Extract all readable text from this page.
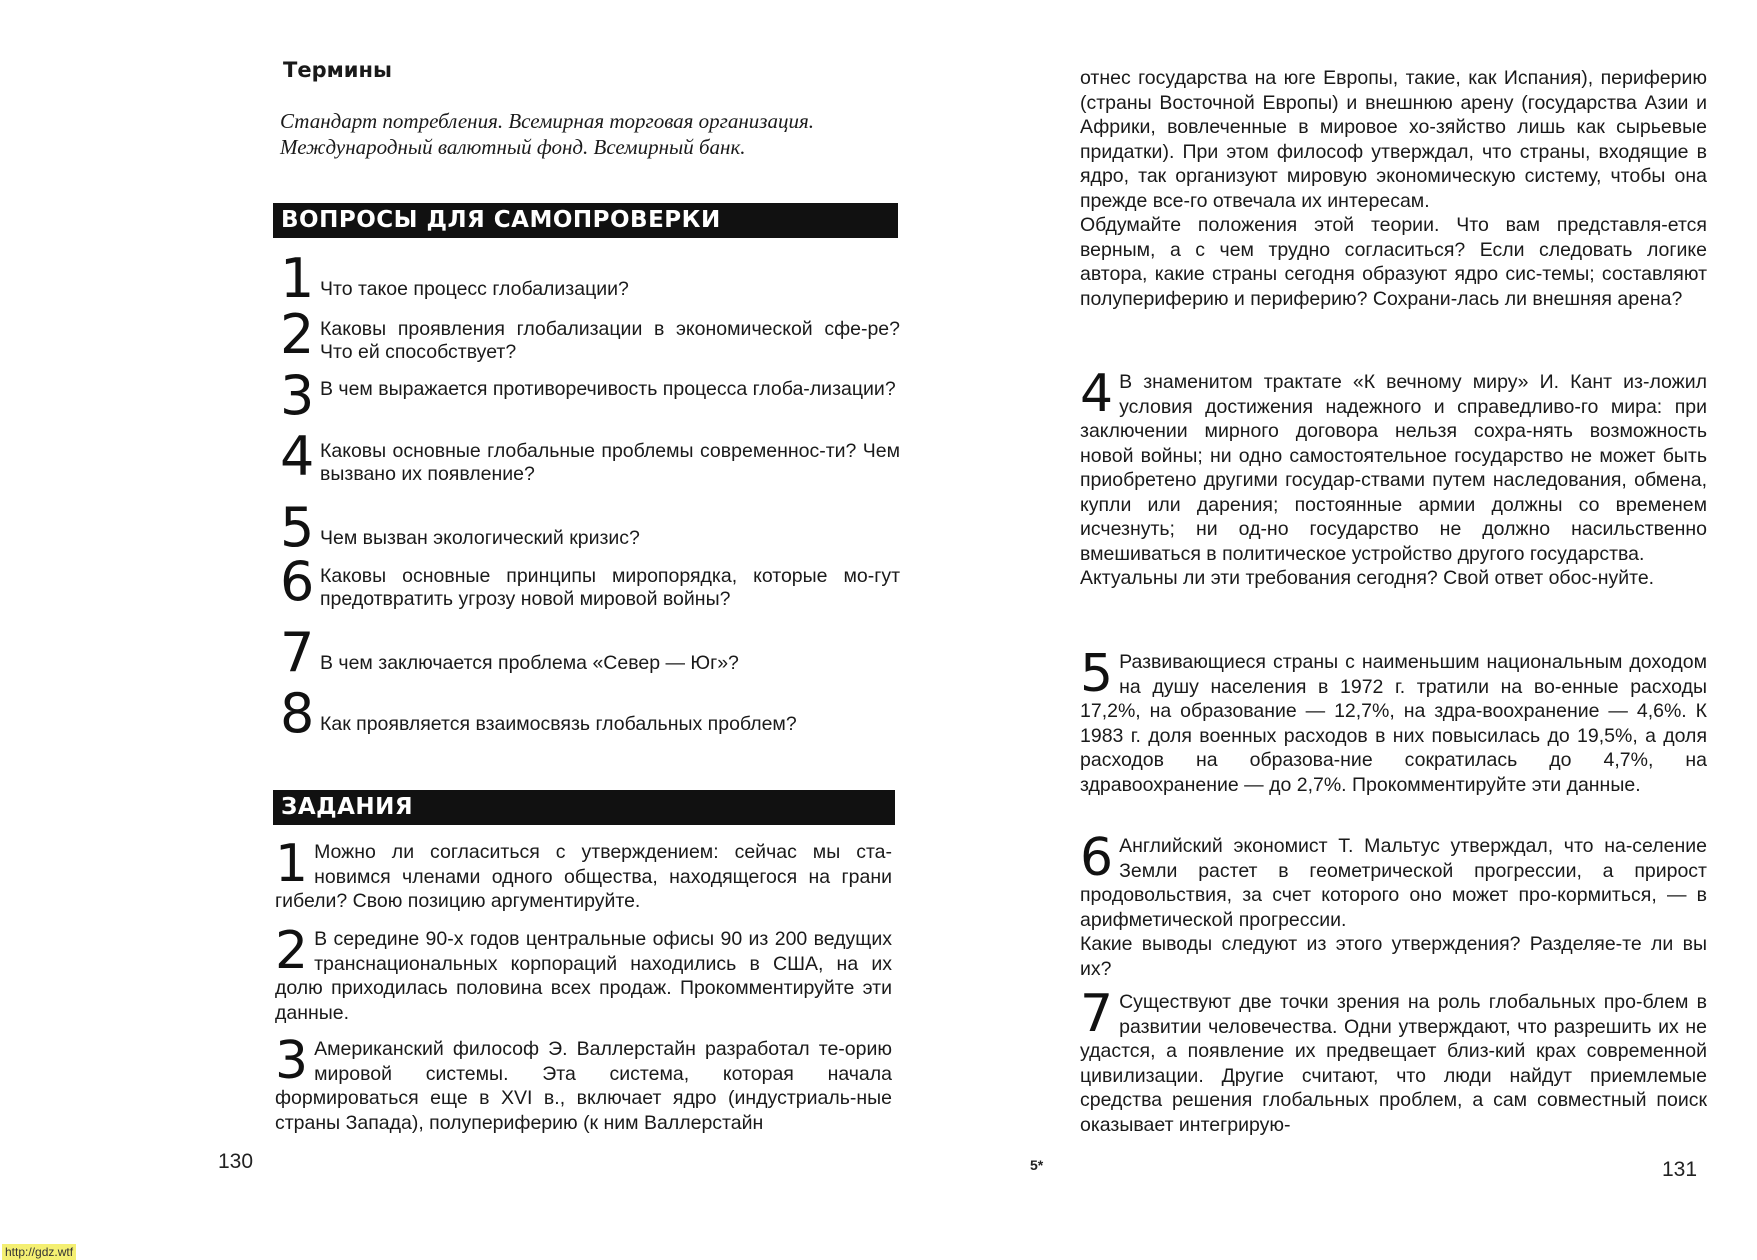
Термины
Стандарт потребления. Всемирная торговая организация.
Международный валютный фонд. Всемирный банк.
ВОПРОСЫ ДЛЯ САМОПРОВЕРКИ
1 Что такое процесс глобализации?
2 Каковы проявления глобализации в экономической сфе-ре? Что ей способствует?
3 В чем выражается противоречивость процесса глоба-лизации?
4 Каковы основные глобальные проблемы современнос-ти? Чем вызвано их появление?
5 Чем вызван экологический кризис?
6 Каковы основные принципы миропорядка, которые мо-гут предотвратить угрозу новой мировой войны?
7 В чем заключается проблема «Север — Юг»?
8 Как проявляется взаимосвязь глобальных проблем?
ЗАДАНИЯ
1 Можно ли согласиться с утверждением: сейчас мы ста-новимся членами одного общества, находящегося на грани гибели? Свою позицию аргументируйте.

2 В середине 90-х годов центральные офисы 90 из 200 ведущих транснациональных корпораций находились в США, на их долю приходилась половина всех продаж. Прокомментируйте эти данные.

3 Американский философ Э. Валлерстайн разработал те-орию мировой системы. Эта система, которая начала формироваться еще в XVI в., включает ядро (индустриаль-ные страны Запада), полупериферию (к ним Валлерстайн

130

отнес государства на юге Европы, такие, как Испания), периферию (страны Восточной Европы) и внешнюю арену (государства Азии и Африки, вовлеченные в мировое хо-зяйство лишь как сырьевые придатки). При этом философ утверждал, что страны, входящие в ядро, так организуют мировую экономическую систему, чтобы она прежде все-го отвечала их интересам.

Обдумайте положения этой теории. Что вам представля-ется верным, а с чем трудно согласиться? Если следовать логике автора, какие страны сегодня образуют ядро сис-темы; составляют полупериферию и периферию? Сохрани-лась ли внешняя арена?

4 В знаменитом трактате «К вечному миру» И. Кант из-ложил условия достижения надежного и справедливо-го мира: при заключении мирного договора нельзя сохра-нять возможность новой войны; ни одно самостоятельное государство не может быть приобретено другими государ-ствами путем наследования, обмена, купли или дарения; постоянные армии должны со временем исчезнуть; ни од-но государство не должно насильственно вмешиваться в политическое устройство другого государства.

Актуальны ли эти требования сегодня? Свой ответ обос-нуйте.

5 Развивающиеся страны с наименьшим национальным доходом на душу населения в 1972 г. тратили на во-енные расходы 17,2%, на образование — 12,7%, на здра-воохранение — 4,6%. К 1983 г. доля военных расходов в них повысилась до 19,5%, а доля расходов на образова-ние сократилась до 4,7%, на здравоохранение — до 2,7%. Прокомментируйте эти данные.

6 Английский экономист Т. Мальтус утверждал, что на-селение Земли растет в геометрической прогрессии, а прирост продовольствия, за счет которого оно может про-кормиться, — в арифметической прогрессии.

Какие выводы следуют из этого утверждения? Разделяе-те ли вы их?

7 Существуют две точки зрения на роль глобальных про-блем в развитии человечества. Одни утверждают, что разрешить их не удастся, а появление их предвещает близ-кий крах современной цивилизации. Другие считают, что люди найдут приемлемые средства решения глобальных проблем, а сам совместный поиск оказывает интегрирую-

5*	131
http://gdz.wtf
